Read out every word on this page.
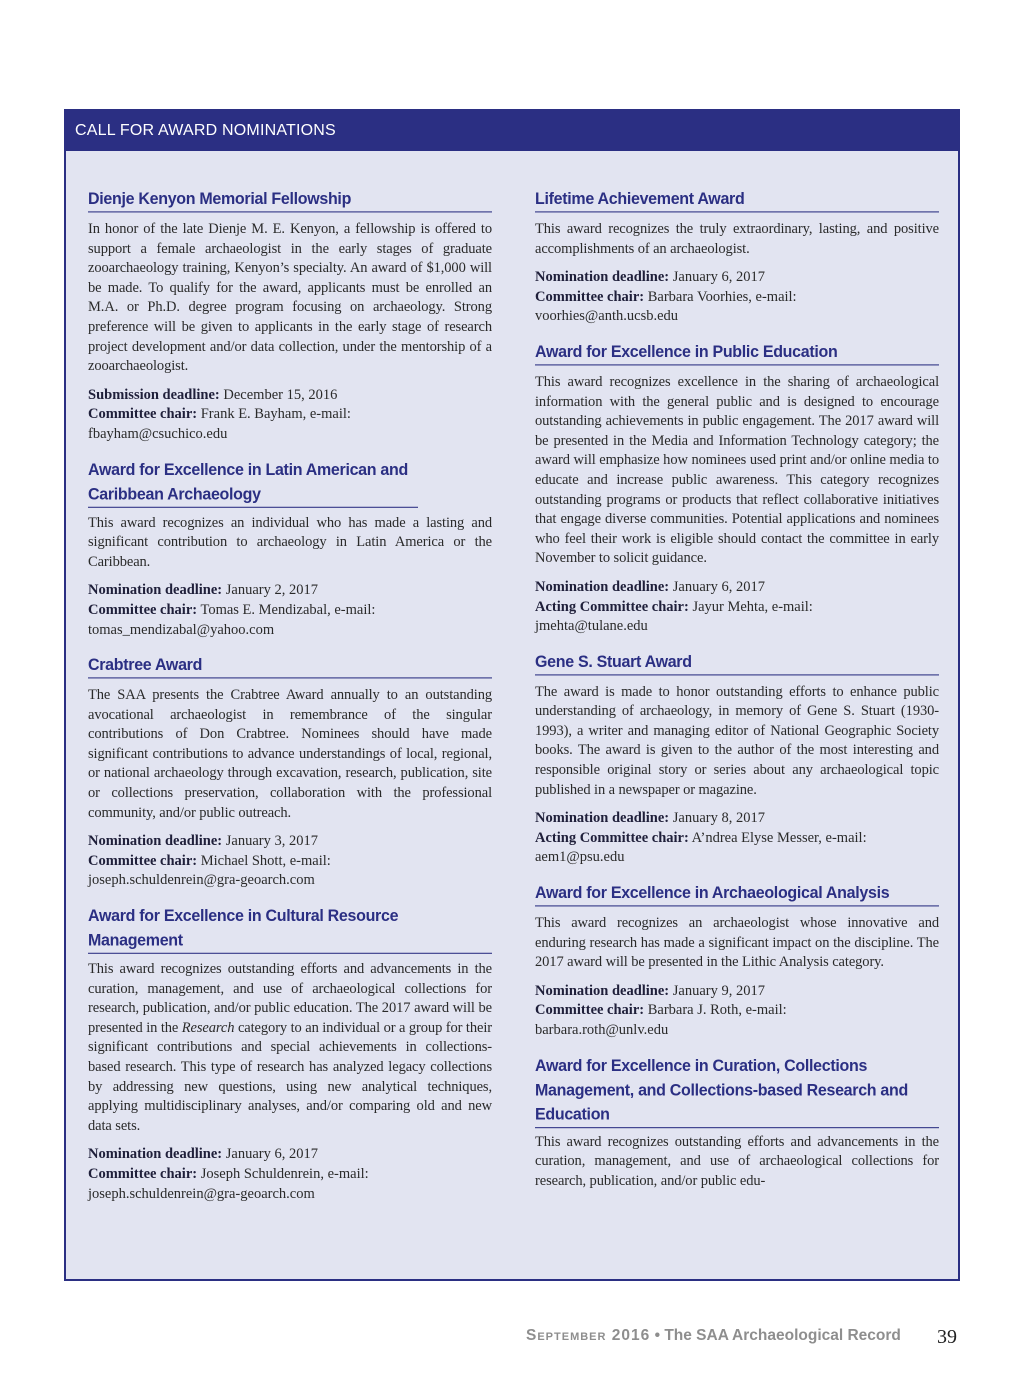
CALL FOR AWARD NOMINATIONS
Dienje Kenyon Memorial Fellowship

In honor of the late Dienje M. E. Kenyon, a fellowship is offered to support a female archaeologist in the early stages of graduate zooarchaeology training, Kenyon’s specialty. An award of $1,000 will be made. To qualify for the award, applicants must be enrolled an M.A. or Ph.D. degree program focusing on archaeology. Strong preference will be given to applicants in the early stage of research project development and/or data collection, under the mentorship of a zooarchaeologist.

Submission deadline: December 15, 2016
Committee chair: Frank E. Bayham, e-mail:
fbayham@csuchico.edu
Award for Excellence in Latin American and Caribbean Archaeology

This award recognizes an individual who has made a lasting and significant contribution to archaeology in Latin America or the Caribbean.

Nomination deadline: January 2, 2017
Committee chair: Tomas E. Mendizabal, e-mail:
tomas_mendizabal@yahoo.com
Crabtree Award

The SAA presents the Crabtree Award annually to an outstanding avocational archaeologist in remembrance of the singular contributions of Don Crabtree. Nominees should have made significant contributions to advance understandings of local, regional, or national archaeology through excavation, research, publication, site or collections preservation, collaboration with the professional community, and/or public outreach.

Nomination deadline: January 3, 2017
Committee chair: Michael Shott, e-mail:
joseph.schuldenrein@gra-geoarch.com
Award for Excellence in Cultural Resource Management

This award recognizes outstanding efforts and advancements in the curation, management, and use of archaeological collections for research, publication, and/or public education. The 2017 award will be presented in the Research category to an individual or a group for their significant contributions and special achievements in collections-based research. This type of research has analyzed legacy collections by addressing new questions, using new analytical techniques, applying multidisciplinary analyses, and/or comparing old and new data sets.

Nomination deadline: January 6, 2017
Committee chair: Joseph Schuldenrein, e-mail:
joseph.schuldenrein@gra-geoarch.com
Lifetime Achievement Award

This award recognizes the truly extraordinary, lasting, and positive accomplishments of an archaeologist.

Nomination deadline: January 6, 2017
Committee chair: Barbara Voorhies, e-mail:
voorhies@anth.ucsb.edu
Award for Excellence in Public Education

This award recognizes excellence in the sharing of archaeological information with the general public and is designed to encourage outstanding achievements in public engagement. The 2017 award will be presented in the Media and Information Technology category; the award will emphasize how nominees used print and/or online media to educate and increase public awareness. This category recognizes outstanding programs or products that reflect collaborative initiatives that engage diverse communities. Potential applications and nominees who feel their work is eligible should contact the committee in early November to solicit guidance.

Nomination deadline: January 6, 2017
Acting Committee chair: Jayur Mehta, e-mail:
jmehta@tulane.edu
Gene S. Stuart Award

The award is made to honor outstanding efforts to enhance public understanding of archaeology, in memory of Gene S. Stuart (1930-1993), a writer and managing editor of National Geographic Society books. The award is given to the author of the most interesting and responsible original story or series about any archaeological topic published in a newspaper or magazine.

Nomination deadline: January 8, 2017
Acting Committee chair: A’ndrea Elyse Messer, e-mail:
aem1@psu.edu
Award for Excellence in Archaeological Analysis

This award recognizes an archaeologist whose innovative and enduring research has made a significant impact on the discipline. The 2017 award will be presented in the Lithic Analysis category.

Nomination deadline: January 9, 2017
Committee chair: Barbara J. Roth, e-mail:
barbara.roth@unlv.edu
Award for Excellence in Curation, Collections Management, and Collections-based Research and Education

This award recognizes outstanding efforts and advancements in the curation, management, and use of archaeological collections for research, publication, and/or public edu-

September 2016 • The SAA Archaeological Record 39
